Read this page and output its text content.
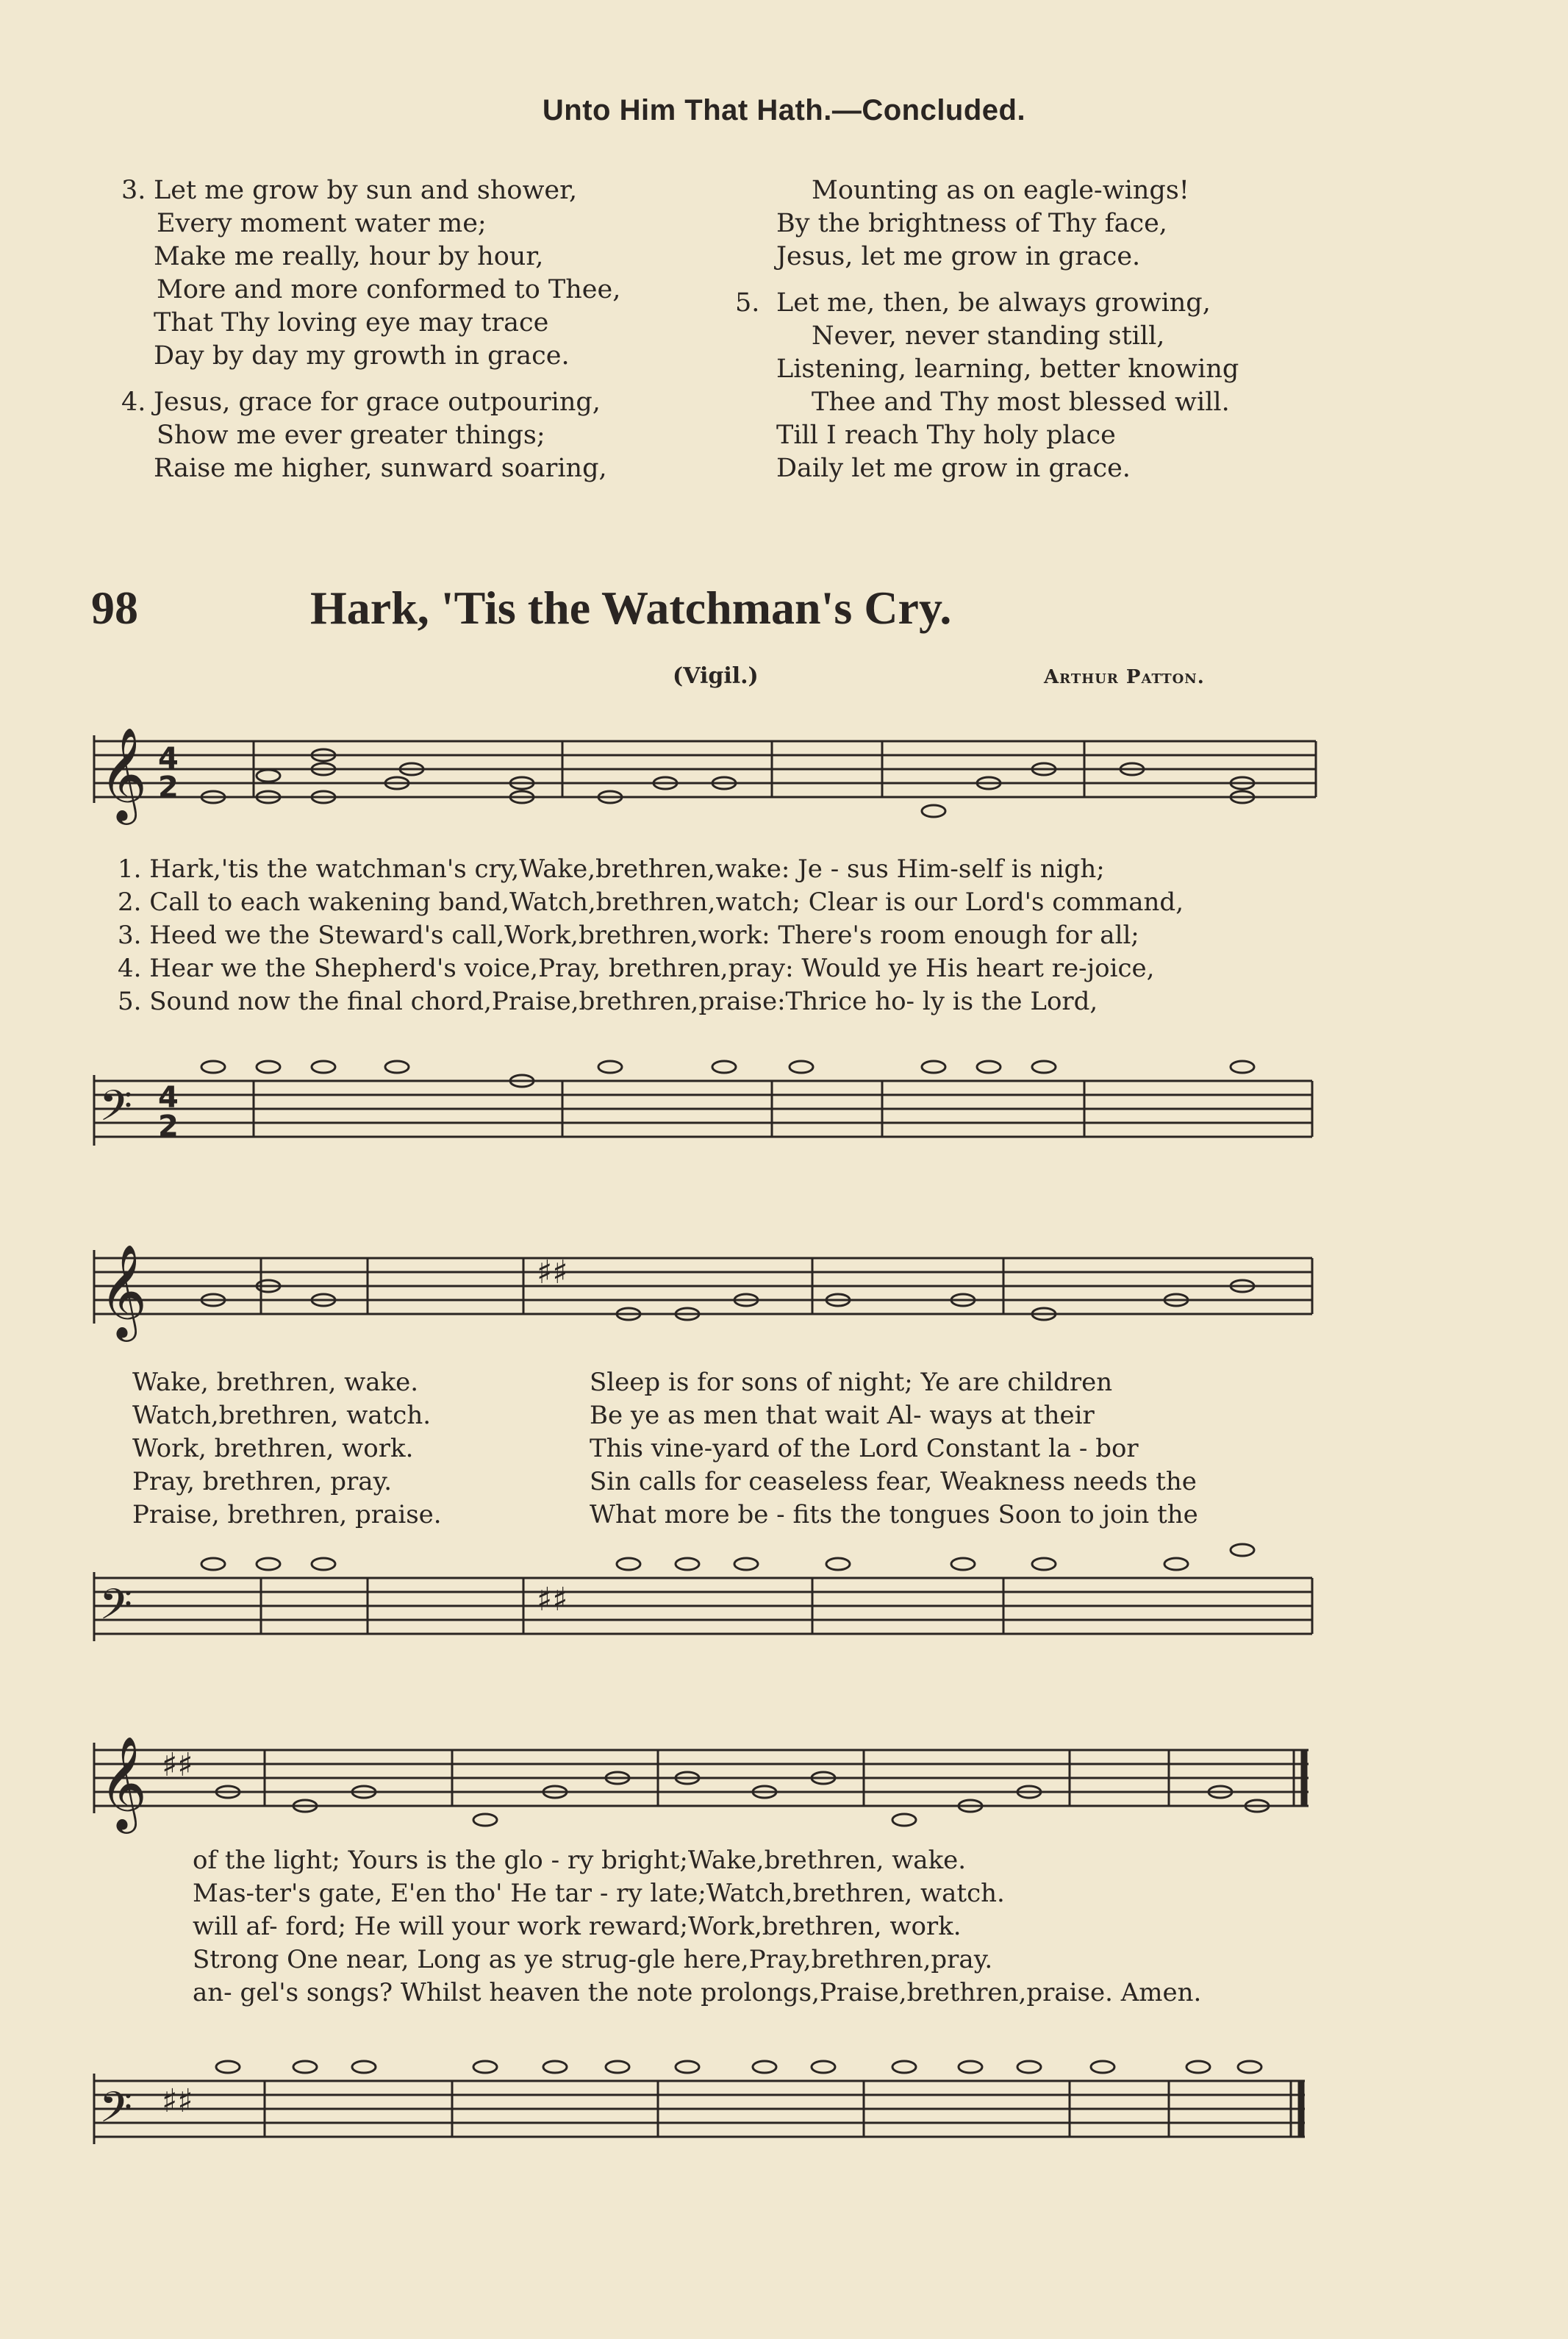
Unto Him That Hath.—Concluded.
3. Let me grow by sun and shower,
Every moment water me;
Make me really, hour by hour,
More and more conformed to Thee,
That Thy loving eye may trace
Day by day my growth in grace.
4. Jesus, grace for grace outpouring,
Show me ever greater things;
Raise me higher, sunward soaring,
Mounting as on eagle-wings!
By the brightness of Thy face,
Jesus, let me grow in grace.
5. Let me, then, be always growing,
Never, never standing still,
Listening, learning, better knowing
Thee and Thy most blessed will.
Till I reach Thy holy place
Daily let me grow in grace.
98	Hark, 'Tis the Watchman's Cry.
(Vigil.)	Arthur Patton.
𝄞 4
2
𝄢 4
2
𝄞
𝄢
♯♯
♯♯
𝄞 ♯♯
𝄢 ♯♯
1. Hark,'tis the watchman's cry,Wake,brethren,wake: Je - sus Him-self is nigh;
2. Call to each wakening band,Watch,brethren,watch; Clear is our Lord's command,
3. Heed we the Steward's call,Work,brethren,work: There's room enough for all;
4. Hear we the Shepherd's voice,Pray, brethren,pray: Would ye His heart re-joice,
5. Sound now the final chord,Praise,brethren,praise:Thrice ho- ly is the Lord,
Wake, brethren, wake.
Watch,brethren, watch.
Work, brethren, work.
Pray, brethren, pray.
Praise, brethren, praise.
Sleep is for sons of night; Ye are children
Be ye as men that wait Al- ways at their
This vine-yard of the Lord Constant la - bor
Sin calls for ceaseless fear, Weakness needs the
What more be - fits the tongues Soon to join the
of the light; Yours is the glo - ry bright;Wake,brethren, wake.
Mas-ter's gate, E'en tho' He tar - ry late;Watch,brethren, watch.
will af- ford; He will your work reward;Work,brethren, work.
Strong One near, Long as ye strug-gle here,Pray,brethren,pray.
an- gel's songs? Whilst heaven the note prolongs,Praise,brethren,praise. Amen.
